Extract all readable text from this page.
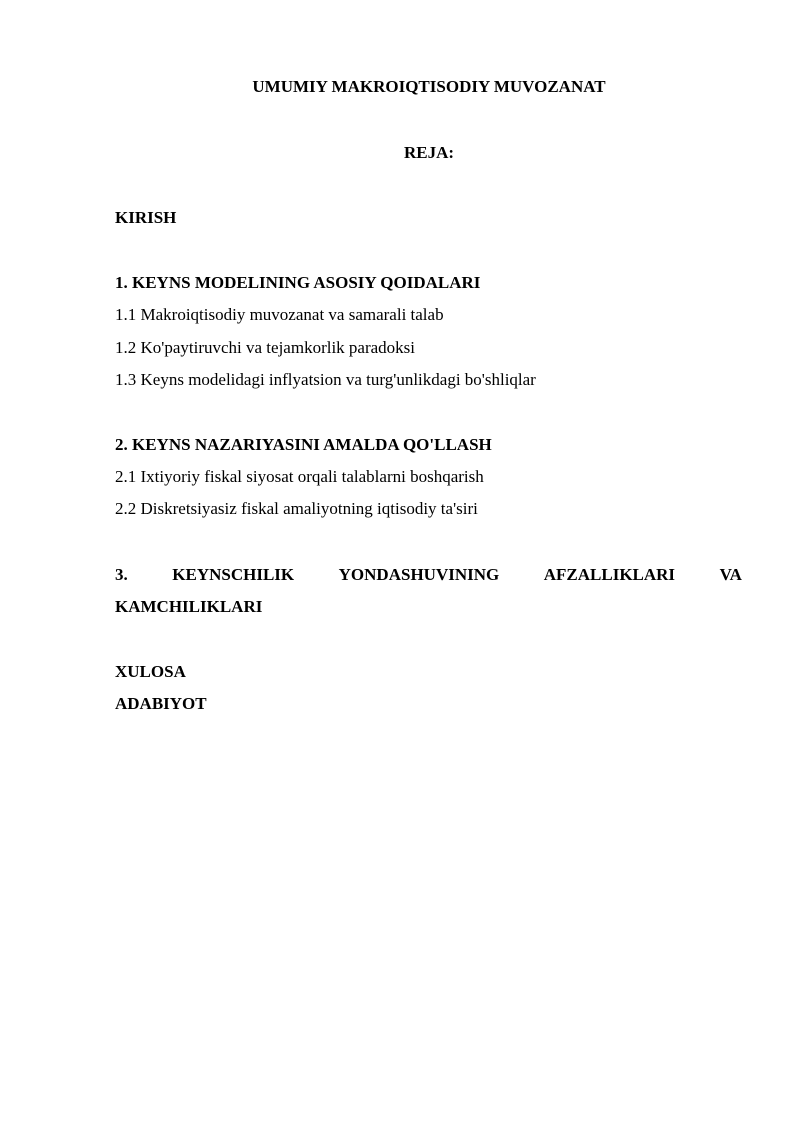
UMUMIY MAKROIQTISODIY MUVOZANAT
REJA:
KIRISH
1. KEYNS MODELINING ASOSIY QOIDALARI
1.1 Makroiqtisodiy muvozanat va samarali talab
1.2 Ko'paytiruvchi va tejamkorlik paradoksi
1.3 Keyns modelidagi inflyatsion va turg'unlikdagi bo'shliqlar
2. KEYNS NAZARIYASINI AMALDA QO'LLASH
2.1 Ixtiyoriy fiskal siyosat orqali talablarni boshqarish
2.2 Diskretsiyasiz fiskal amaliyotning iqtisodiy ta'siri
3.	KEYNSCHILIK	YONDASHUVINING	AFZALLIKLARI	VA
KAMCHILIKLARI
XULOSA
ADABIYOT
